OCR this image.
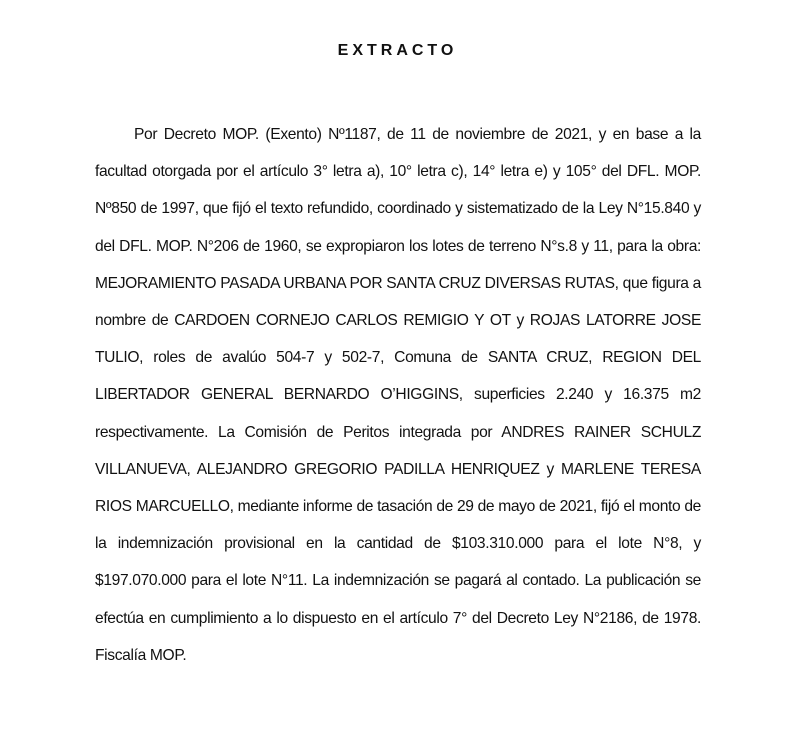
EXTRACTO

Por Decreto MOP. (Exento) Nº1187, de 11 de noviembre de 2021, y en base a la facultad otorgada por el artículo 3° letra a), 10° letra c), 14° letra e) y 105° del DFL. MOP. Nº850 de 1997, que fijó el texto refundido, coordinado y sistematizado de la Ley N°15.840 y del DFL. MOP. N°206 de 1960, se expropiaron los lotes de terreno N°s.8 y 11, para la obra: MEJORAMIENTO PASADA URBANA POR SANTA CRUZ DIVERSAS RUTAS, que figura a nombre de CARDOEN CORNEJO CARLOS REMIGIO Y OT y ROJAS LATORRE JOSE TULIO, roles de avalúo 504-7 y 502-7, Comuna de SANTA CRUZ, REGION DEL LIBERTADOR GENERAL BERNARDO O’HIGGINS, superficies 2.240 y 16.375 m2 respectivamente. La Comisión de Peritos integrada por ANDRES RAINER SCHULZ VILLANUEVA, ALEJANDRO GREGORIO PADILLA HENRIQUEZ y MARLENE TERESA RIOS MARCUELLO, mediante informe de tasación de 29 de mayo de 2021, fijó el monto de la indemnización provisional en la cantidad de $103.310.000 para el lote N°8, y $197.070.000 para el lote N°11. La indemnización se pagará al contado. La publicación se efectúa en cumplimiento a lo dispuesto en el artículo 7° del Decreto Ley N°2186, de 1978. Fiscalía MOP.
